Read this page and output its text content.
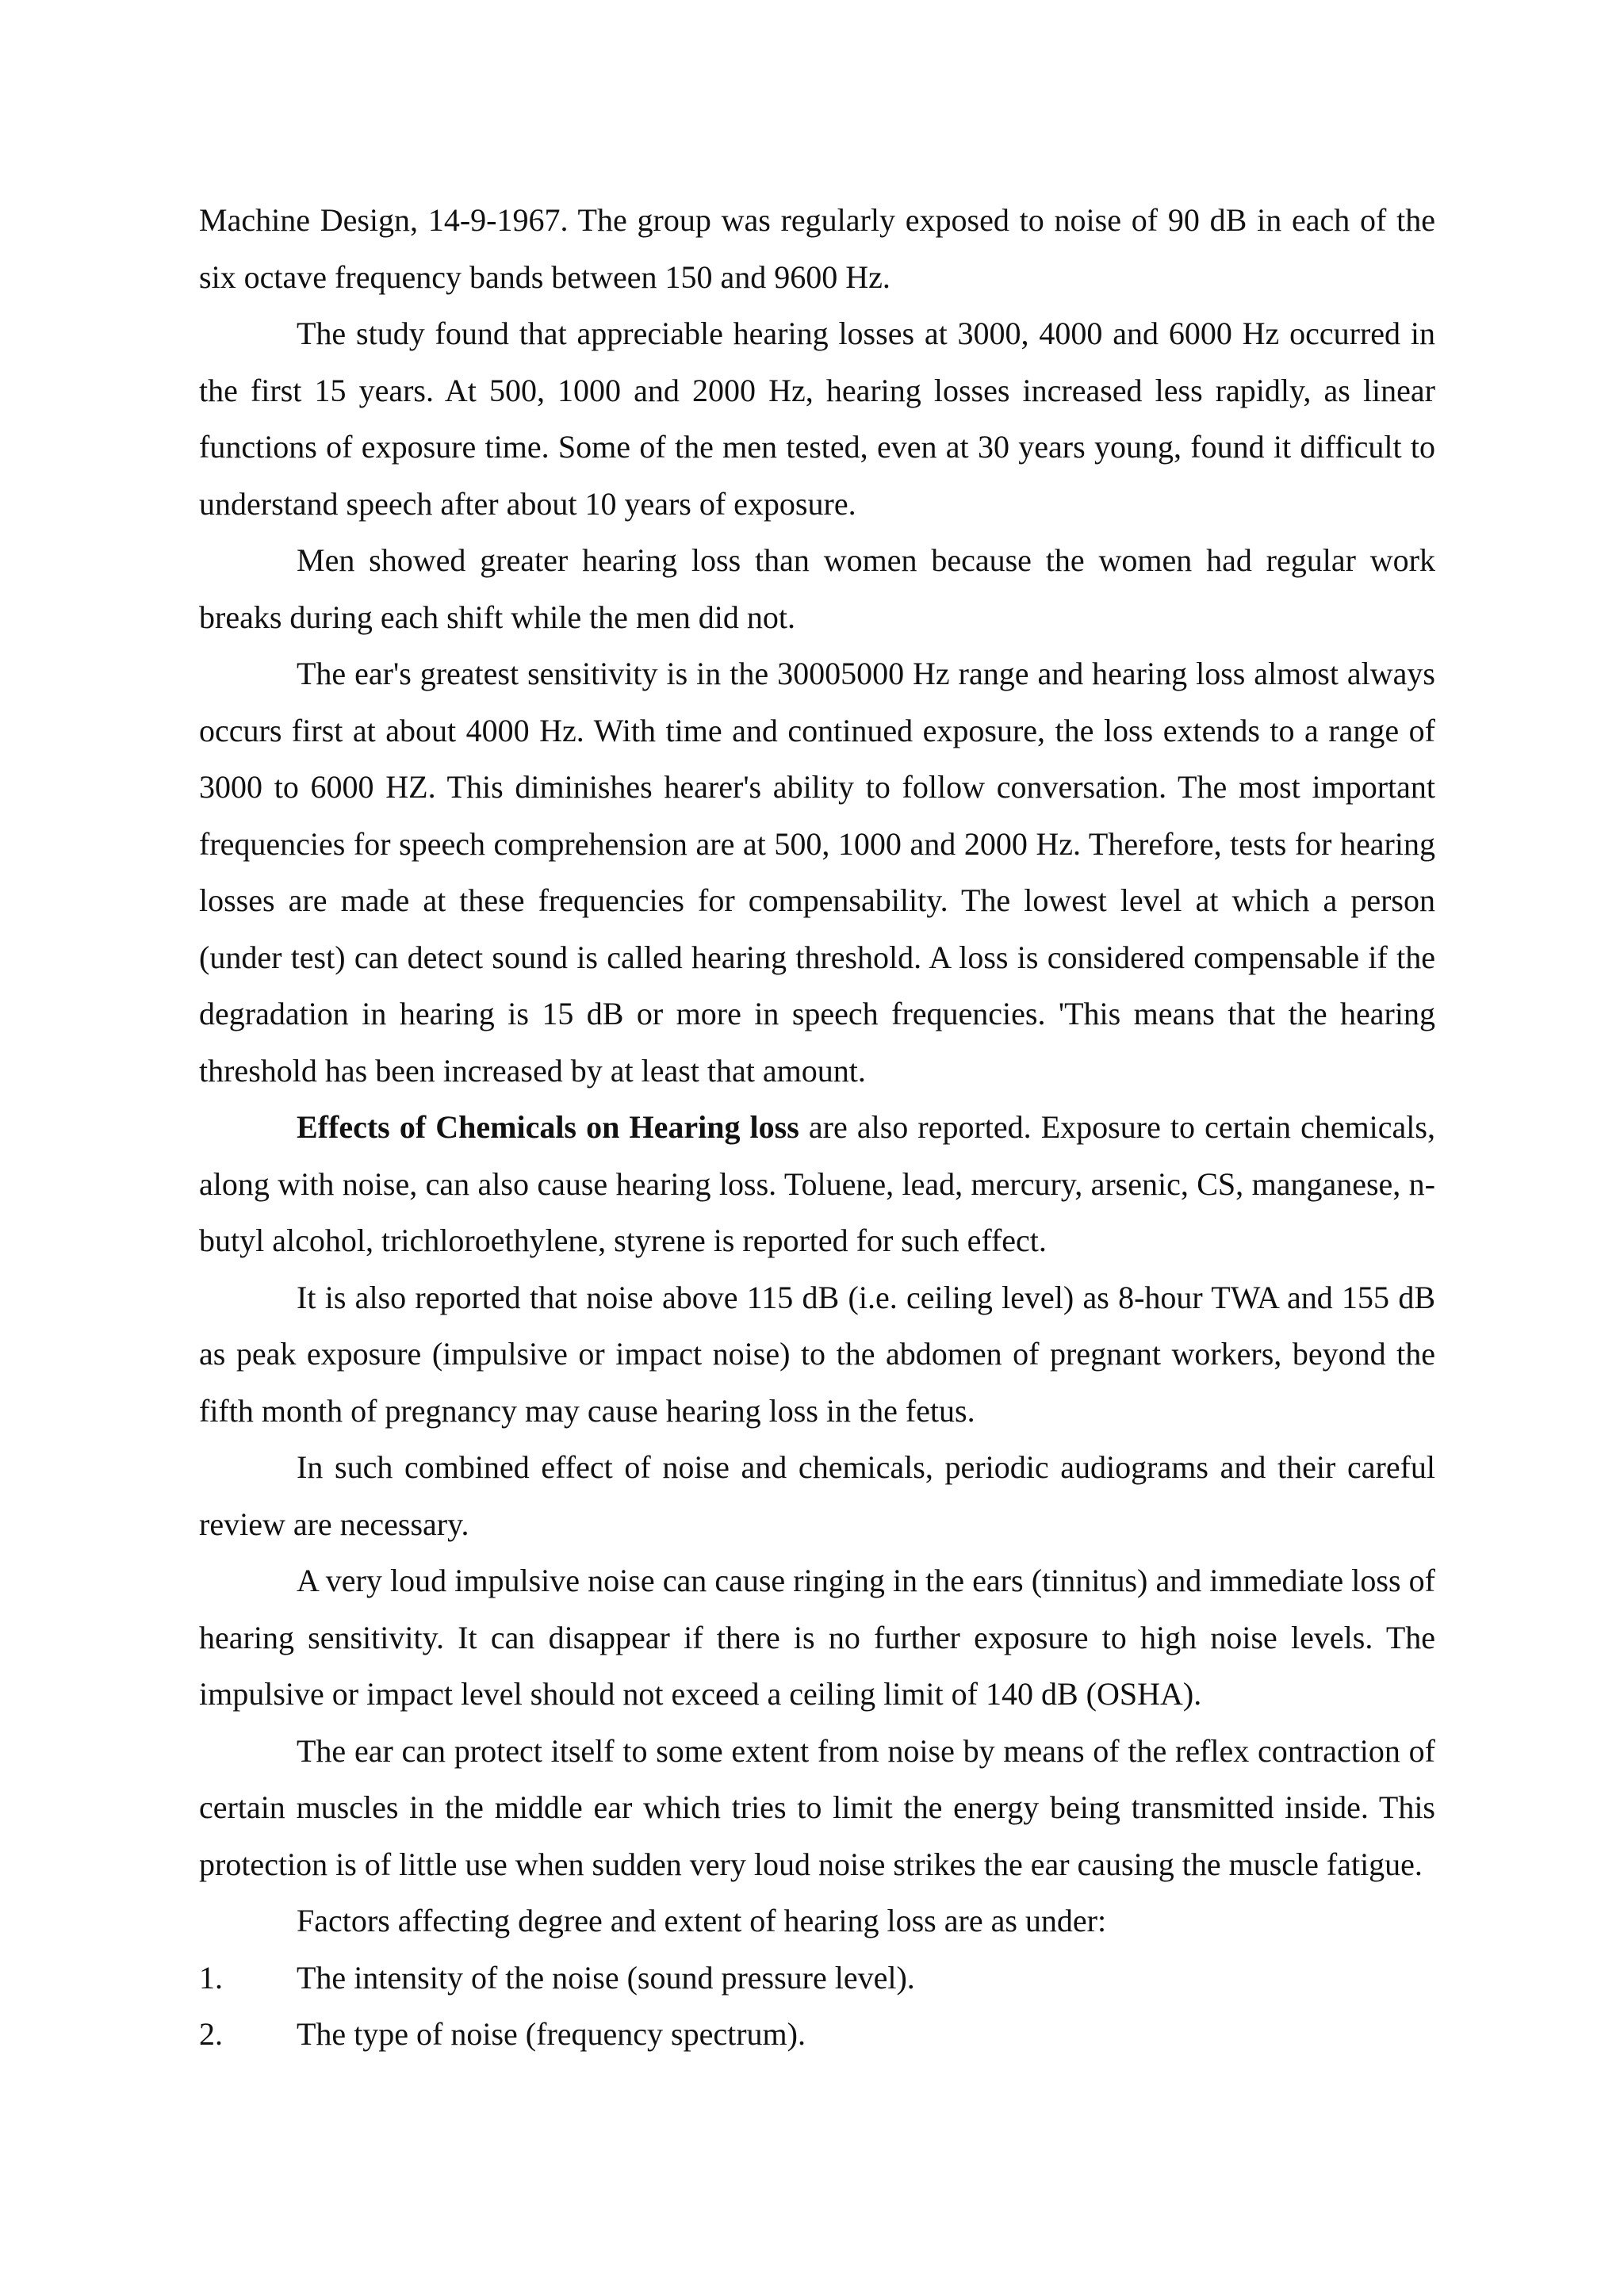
Machine Design, 14-9-1967. The group was regularly exposed to noise of 90 dB in each of the six octave frequency bands between 150 and 9600 Hz.

The study found that appreciable hearing losses at 3000, 4000 and 6000 Hz occurred in the first 15 years. At 500, 1000 and 2000 Hz, hearing losses increased less rapidly, as linear functions of exposure time. Some of the men tested, even at 30 years young, found it difficult to understand speech after about 10 years of exposure.

Men showed greater hearing loss than women because the women had regular work breaks during each shift while the men did not.

The ear's greatest sensitivity is in the 30005000 Hz range and hearing loss almost always occurs first at about 4000 Hz. With time and continued exposure, the loss extends to a range of 3000 to 6000 HZ. This diminishes hearer's ability to follow conversation. The most important frequencies for speech comprehension are at 500, 1000 and 2000 Hz. Therefore, tests for hearing losses are made at these frequencies for compensability. The lowest level at which a person (under test) can detect sound is called hearing threshold. A loss is considered compensable if the degradation in hearing is 15 dB or more in speech frequencies. 'This means that the hearing threshold has been increased by at least that amount.

Effects of Chemicals on Hearing loss are also reported. Exposure to certain chemicals, along with noise, can also cause hearing loss. Toluene, lead, mercury, arsenic, CS, manganese, n-butyl alcohol, trichloroethylene, styrene is reported for such effect.

It is also reported that noise above 115 dB (i.e. ceiling level) as 8-hour TWA and 155 dB as peak exposure (impulsive or impact noise) to the abdomen of pregnant workers, beyond the fifth month of pregnancy may cause hearing loss in the fetus.

In such combined effect of noise and chemicals, periodic audiograms and their careful review are necessary.

A very loud impulsive noise can cause ringing in the ears (tinnitus) and immediate loss of hearing sensitivity. It can disappear if there is no further exposure to high noise levels. The impulsive or impact level should not exceed a ceiling limit of 140 dB (OSHA).

The ear can protect itself to some extent from noise by means of the reflex contraction of certain muscles in the middle ear which tries to limit the energy being transmitted inside. This protection is of little use when sudden very loud noise strikes the ear causing the muscle fatigue.

Factors affecting degree and extent of hearing loss are as under:

1. The intensity of the noise (sound pressure level).
2. The type of noise (frequency spectrum).
